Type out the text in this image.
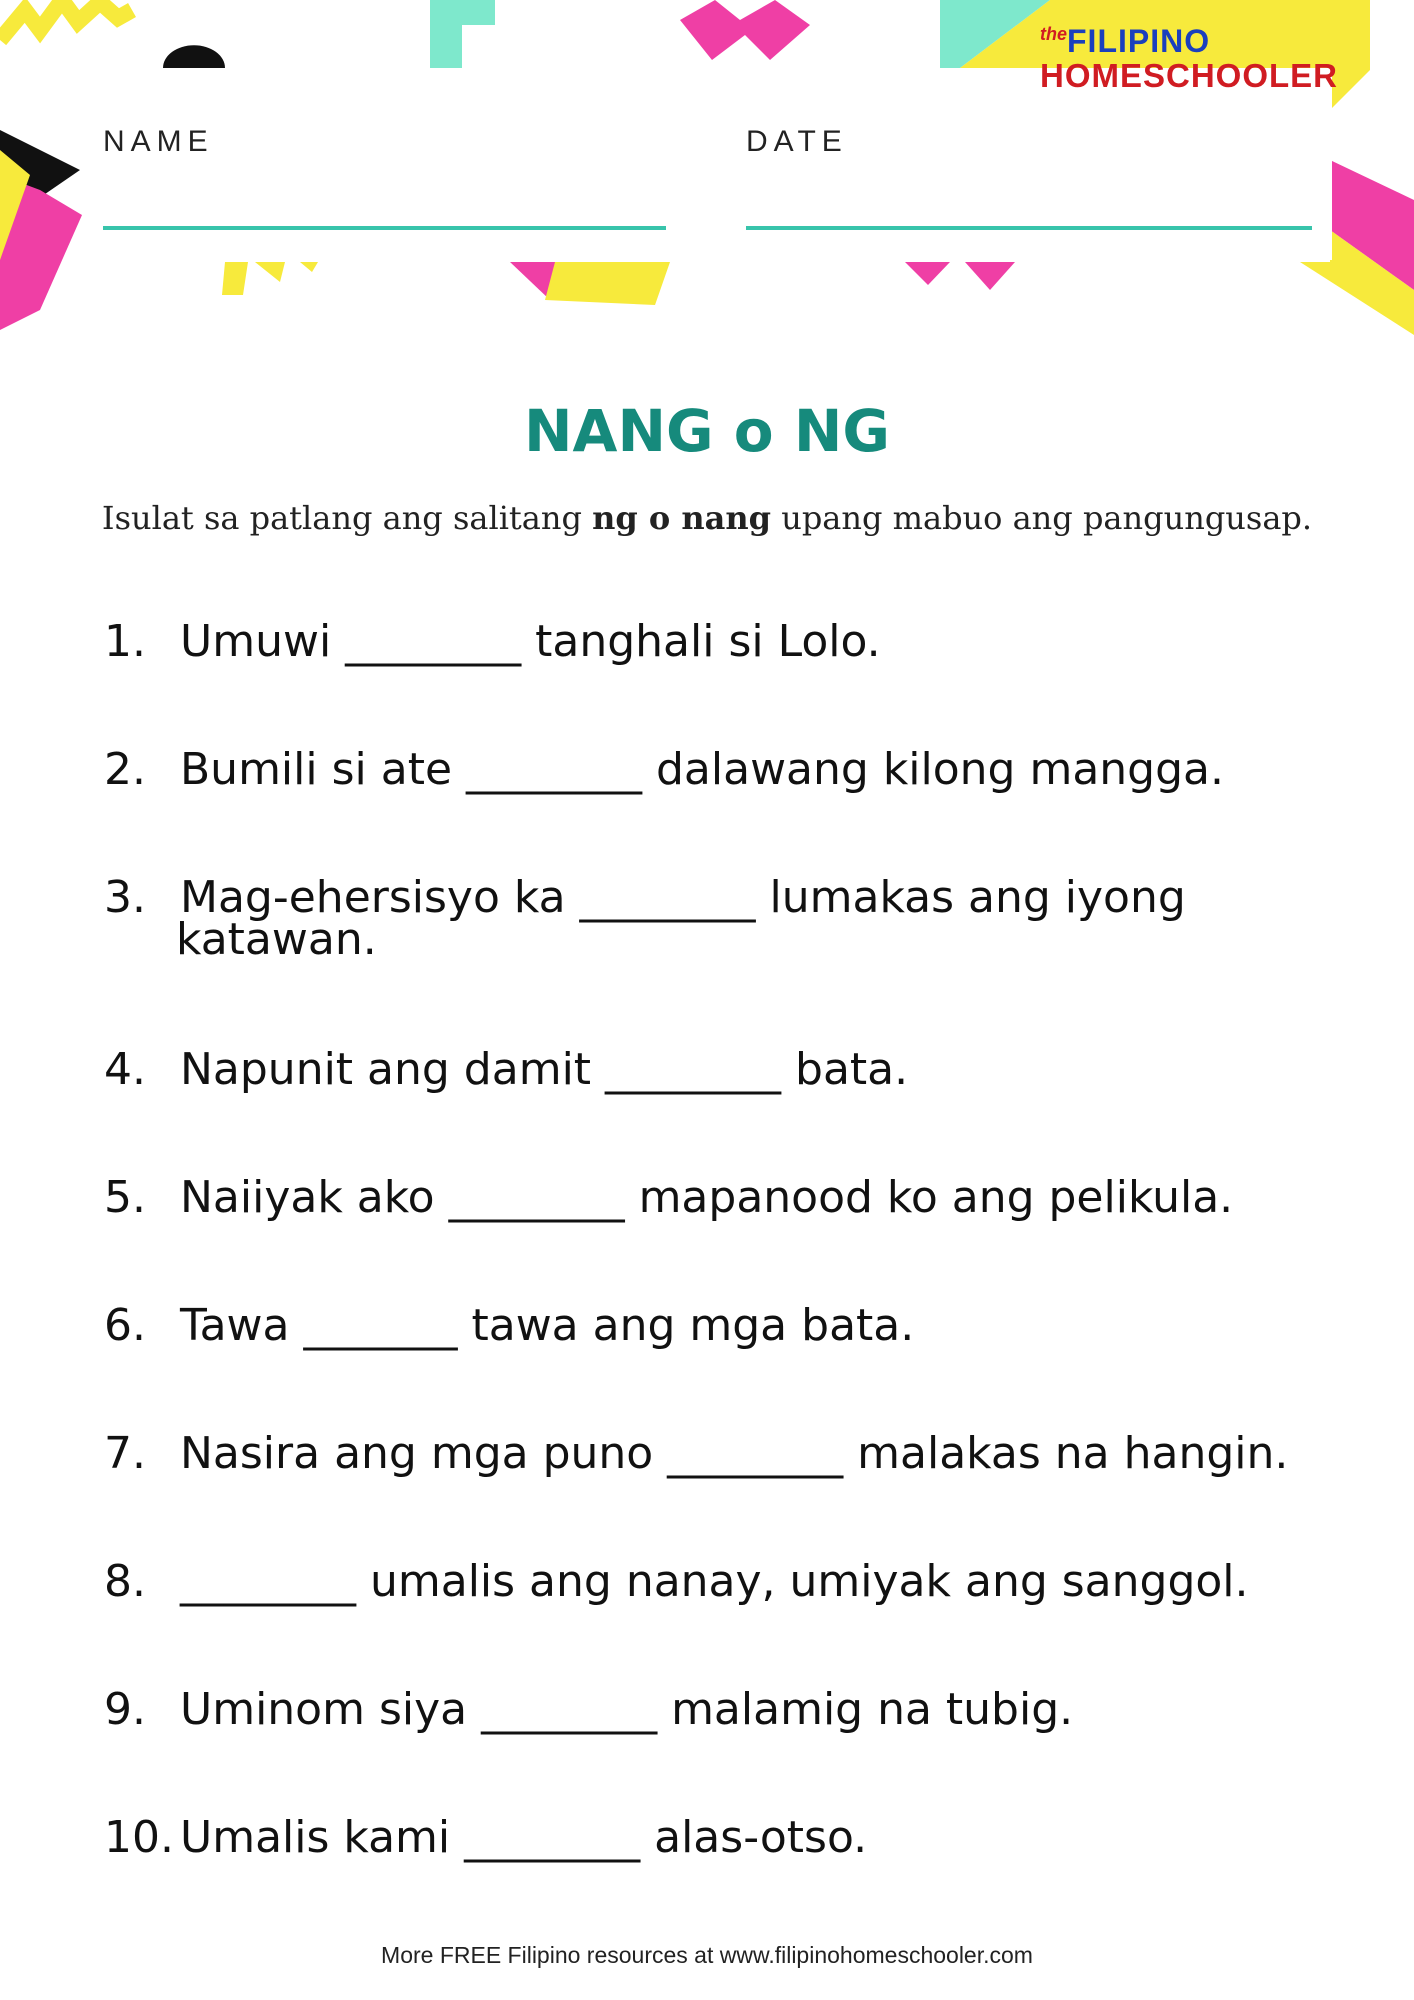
NAME	DATE
theFILIPINO
HOMESCHOOLER
NANG o NG
Isulat sa patlang ang salitang ng o nang upang mabuo ang pangungusap.
1. Umuwi ________ tanghali si Lolo.
2. Bumili si ate ________ dalawang kilong mangga.
3. Mag-ehersisyo ka ________ lumakas ang iyong
katawan.
4. Napunit ang damit ________ bata.
5. Naiiyak ako ________ mapanood ko ang pelikula.
6. Tawa _______ tawa ang mga bata.
7. Nasira ang mga puno ________ malakas na hangin.
8. ________ umalis ang nanay, umiyak ang sanggol.
9. Uminom siya ________ malamig na tubig.
10. Umalis kami ________ alas-otso.
More FREE Filipino resources at www.filipinohomeschooler.com
